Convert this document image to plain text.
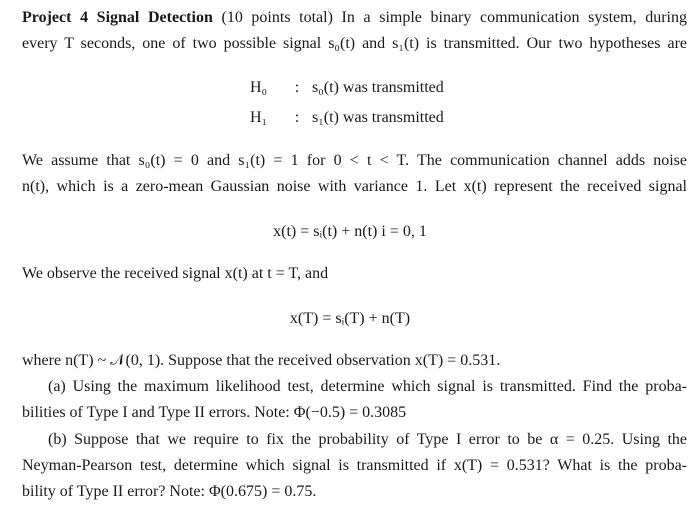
Project 4 Signal Detection (10 points total) In a simple binary communication system, during
every T seconds, one of two possible signal s₀(t) and s₁(t) is transmitted. Our two hypotheses are
H₀	: s₀(t) was transmitted
H₁	: s₁(t) was transmitted
We assume that s₀(t) = 0 and s₁(t) = 1 for 0 < t < T. The communication channel adds noise
n(t), which is a zero-mean Gaussian noise with variance 1. Let x(t) represent the received signal
x(t) = sᵢ(t) + n(t) i = 0, 1
We observe the received signal x(t) at t = T, and
x(T) = sᵢ(T) + n(T)
where n(T) ~ 𝒩(0, 1). Suppose that the received observation x(T) = 0.531.
(a) Using the maximum likelihood test, determine which signal is transmitted. Find the proba-
bilities of Type I and Type II errors. Note: Φ(−0.5) = 0.3085
(b) Suppose that we require to fix the probability of Type I error to be α = 0.25. Using the
Neyman-Pearson test, determine which signal is transmitted if x(T) = 0.531? What is the proba-
bility of Type II error? Note: Φ(0.675) = 0.75.
